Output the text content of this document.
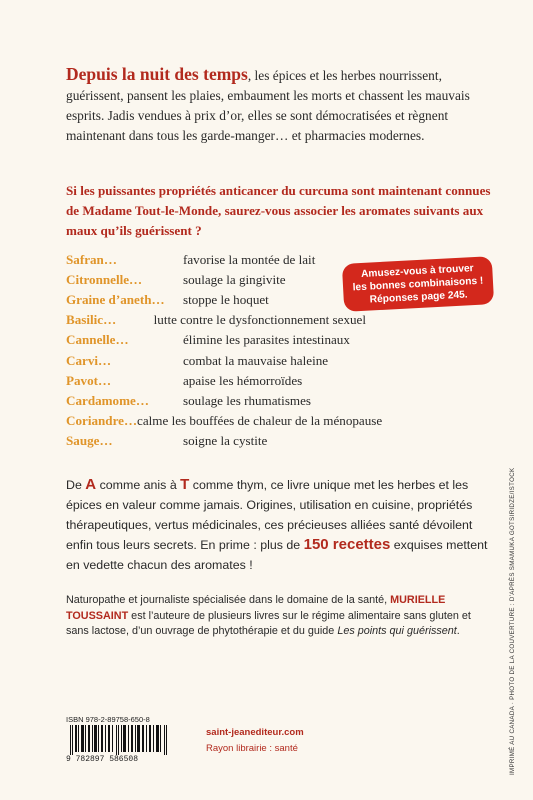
Depuis la nuit des temps, les épices et les herbes nourrissent, guérissent, pansent les plaies, embaument les morts et chassent les mauvais esprits. Jadis vendues à prix d’or, elles se sont démocratisées et règnent maintenant dans tous les garde-manger… et pharmacies modernes.
Si les puissantes propriétés anticancer du curcuma sont maintenant connues de Madame Tout-le-Monde, saurez-vous associer les aromates suivants aux maux qu’ils guérissent ?
Safran…	favorise la montée de lait
Citronnelle…	soulage la gingivite
Graine d’aneth…	stoppe le hoquet
Basilic…	lutte contre le dysfonctionnement sexuel
Cannelle…	élimine les parasites intestinaux
Carvi…	combat la mauvaise haleine
Pavot…	apaise les hémorroïdes
Cardamome…	soulage les rhumatismes
Coriandre… calme les bouffées de chaleur de la ménopause
Sauge…	soigne la cystite
Amusez-vous à trouver
les bonnes combinaisons !
Réponses page 245.
De A comme anis à T comme thym, ce livre unique met les herbes et les épices en valeur comme jamais. Origines, utilisation en cuisine, propriétés thérapeutiques, vertus médicinales, ces précieuses alliées santé dévoilent enfin tous leurs secrets. En prime : plus de 150 recettes exquises mettent en vedette chacun des aromates !
Naturopathe et journaliste spécialisée dans le domaine de la santé, MURIELLE TOUSSAINT est l’auteure de plusieurs livres sur le régime alimentaire sans gluten et sans lactose, d’un ouvrage de phytothérapie et du guide Les points qui guérissent.
ISBN 978-2-89758-650-8
9 782897 586508
saint-jeanediteur.com
Rayon librairie : santé	IMPRIMÉ AU CANADA · PHOTO DE LA COUVERTURE : D’APRÈS SMAMUKA GOTSIRIDZE/ISTOCK
